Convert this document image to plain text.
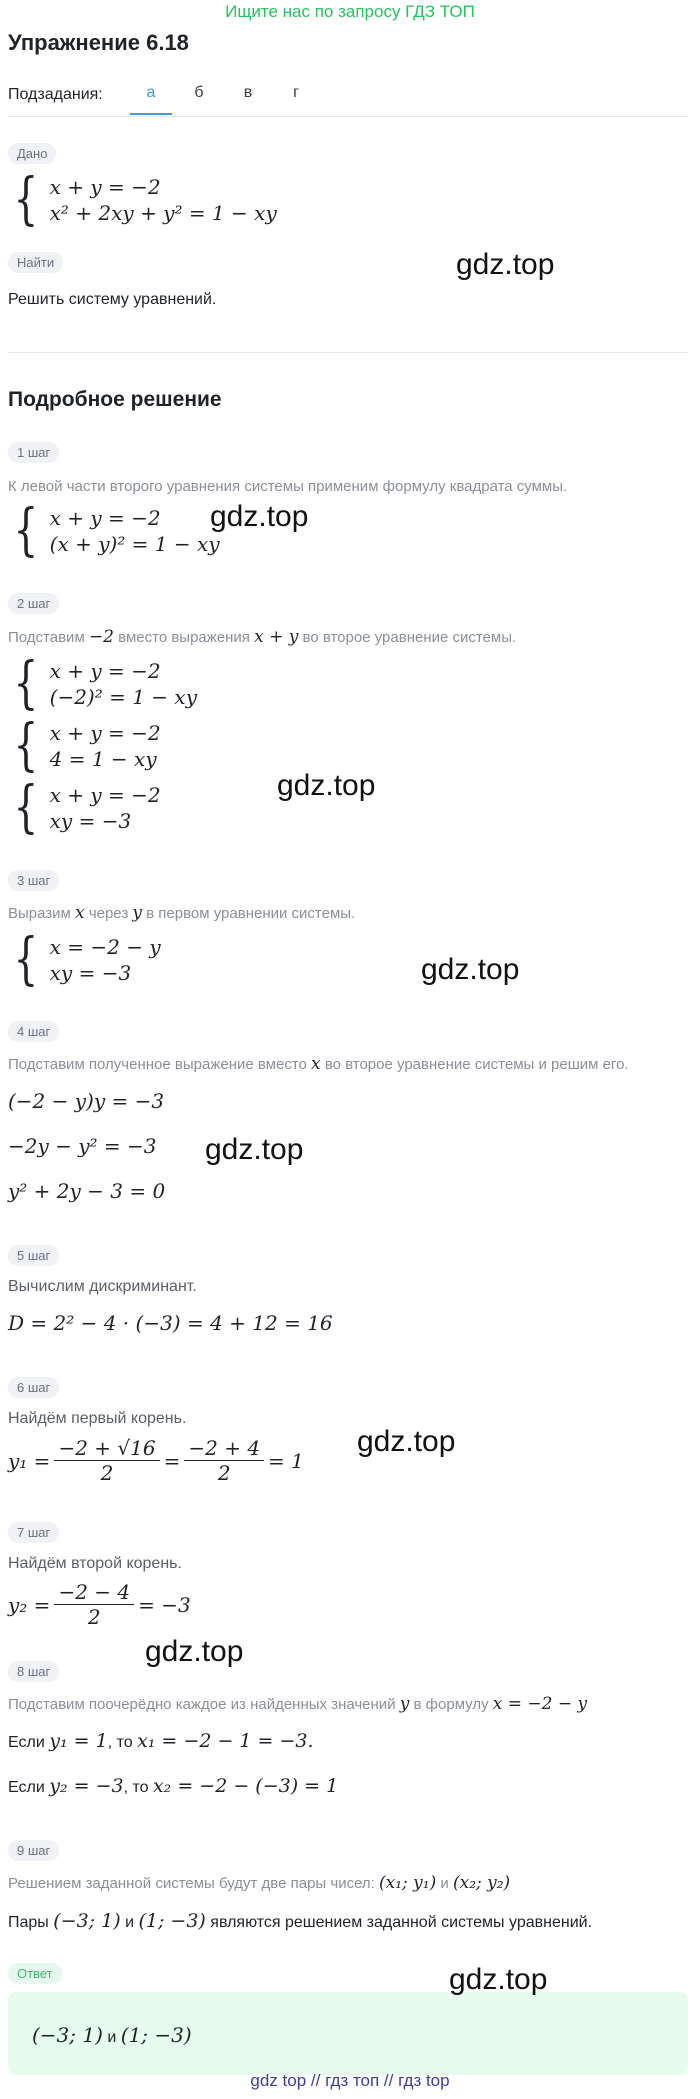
Ищите нас по запросу ГДЗ ТОП
Упражнение 6.18
Подзадания:	а	б	в	г
Дано
{ x + y = −2
x² + 2xy + y² = 1 − xy
Найти	gdz.top
Решить систему уравнений.
Подробное решение
1 шаг
К левой части второго уравнения системы применим формулу квадрата суммы.
{ x + y = −2
(x + y)² = 1 − xy
gdz.top
2 шаг
Подставим −2 вместо выражения x + y во второе уравнение системы.
{ x + y = −2
(−2)² = 1 − xy
{ x + y = −2
4 = 1 − xy
gdz.top
{ x + y = −2
xy = −3
3 шаг
Выразим x через y в первом уравнении системы.
{ x = −2 − y
xy = −3	gdz.top
4 шаг
Подставим полученное выражение вместо x во второе уравнение системы и решим его.
(−2 − y)y = −3
−2y − y² = −3 gdz.top
y² + 2y − 3 = 0
5 шаг
Вычислим дискриминант.
D = 2² − 4 · (−3) = 4 + 12 = 16
6 шаг
Найдём первый корень.
gdz.top
$y_1 = \frac{-2 + √16}{2} = \frac{-2 + 4}{2} = 1$
7 шаг
Найдём второй корень.
$y_2 = \frac{-2 - 4}{2} = -3$
gdz.top
8 шаг
Подставим поочерёдно каждое из найденных значений y в формулу x = −2 − y
Если y₁ = 1, то x₁ = −2 − 1 = −3.
Если y₂ = −3, то x₂ = −2 − (−3) = 1
9 шаг
Решением заданной системы будут две пары чисел: (x₁; y₁) и (x₂; y₂)
Пары (−3; 1) и (1; −3) являются решением заданной системы уравнений.
Ответ	gdz.top
(−3; 1) и (1; −3)
gdz top // гдз топ // гдз top
